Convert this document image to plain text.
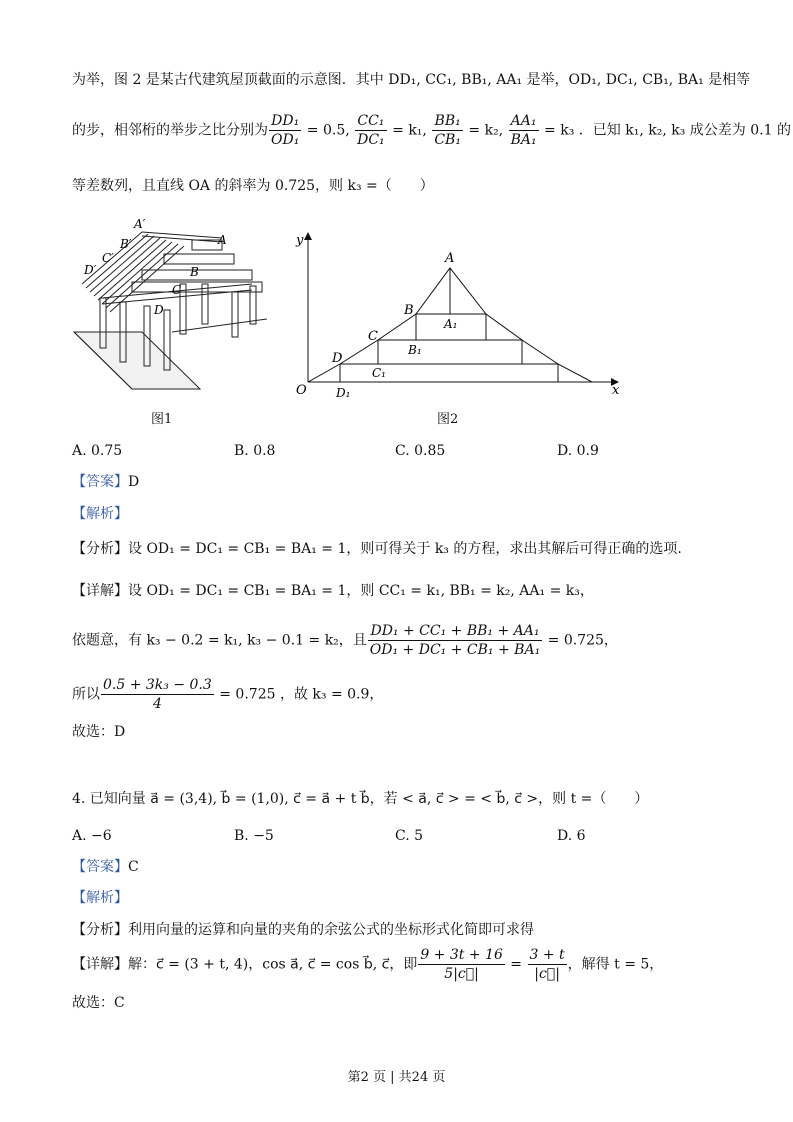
为举，图 2 是某古代建筑屋顶截面的示意图．其中 DD₁, CC₁, BB₁, AA₁ 是举，OD₁, DC₁, CB₁, BA₁ 是相等
的步，相邻桁的举步之比分别为 $\frac{\text{DD₁}}{\text{OD₁}} = 0.5$, $\frac{\text{CC₁}}{\text{DC₁}} = k_1$, $\frac{\text{BB₁}}{\text{CB₁}} = k_2$, $\frac{\text{AA₁}}{\text{BA₁}} = k_3$ ．已知 k₁, k₂, k₃ 成公差为 0.1 的
等差数列，且直线 OA 的斜率为 0.725，则 k₃ =（　　）
A′
B′
C′
D′
A
B
C
D
y
x
O
A
B
C
D
A₁
B₁
C₁
D₁
图1	图2
A. 0.75	B. 0.8	C. 0.85	D. 0.9
【答案】D
【解析】
【分析】设 OD₁ = DC₁ = CB₁ = BA₁ = 1，则可得关于 k₃ 的方程，求出其解后可得正确的选项.
【详解】设 OD₁ = DC₁ = CB₁ = BA₁ = 1，则 CC₁ = k₁, BB₁ = k₂, AA₁ = k₃，
依题意，有 k₃ − 0.2 = k₁, k₃ − 0.1 = k₂，且 $\frac{\text{DD₁ + CC₁ + BB₁ + AA₁}}{\text{OD₁ + DC₁ + CB₁ + BA₁}} = 0.725$，
所以 $\frac{\text{0.5 + 3k₃ − 0.3}}{4} = 0.725$ ，故 k₃ = 0.9，
故选：D
4. 已知向量 a⃗ = (3,4), b⃗ = (1,0), c⃗ = a⃗ + t b⃗，若 < a⃗, c⃗ > = < b⃗, c⃗ >，则 t =（　　）
A. −6	B. −5	C. 5	D. 6
【答案】C
【解析】
【分析】利用向量的运算和向量的夹角的余弦公式的坐标形式化简即可求得
【详解】解：c⃗ = (3 + t, 4)，cos a⃗, c⃗ = cos b⃗, c⃗，即 $\frac{9 + 3t + 16}{5|c⃗|} = \frac{3 + t}{|c⃗|}$ ，解得 t = 5，
故选：C
第2 页 | 共24 页
